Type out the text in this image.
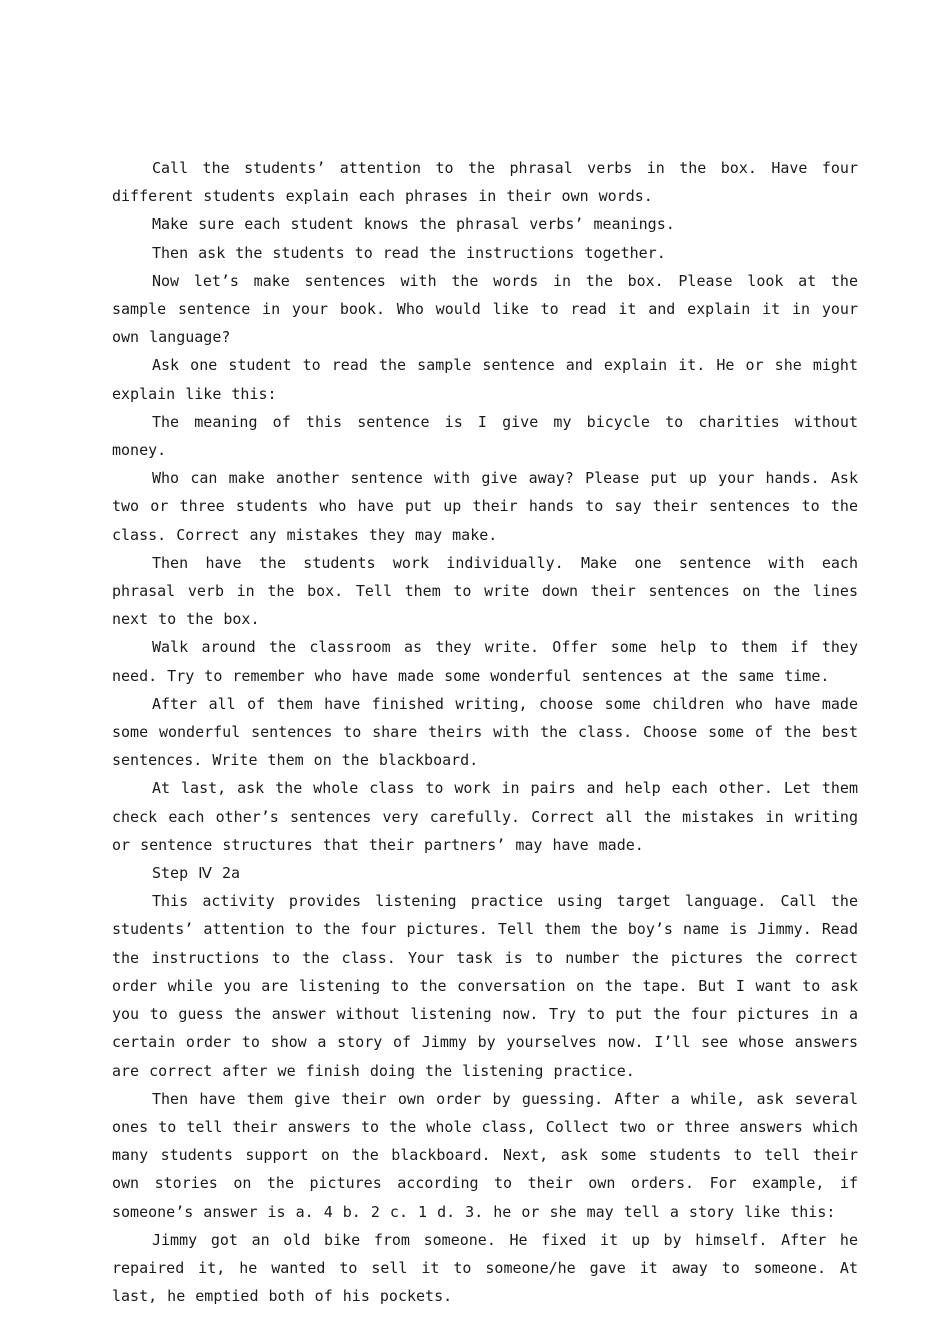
Call the students’ attention to the phrasal verbs in the box. Have four different students explain each phrases in their own words.

Make sure each student knows the phrasal verbs’ meanings.

Then ask the students to read the instructions together.

Now let’s make sentences with the words in the box. Please look at the sample sentence in your book. Who would like to read it and explain it in your own language?

Ask one student to read the sample sentence and explain it. He or she might explain like this:

The meaning of this sentence is I give my bicycle to charities without money.

Who can make another sentence with give away? Please put up your hands. Ask two or three students who have put up their hands to say their sentences to the class. Correct any mistakes they may make.

Then have the students work individually. Make one sentence with each phrasal verb in the box. Tell them to write down their sentences on the lines next to the box.

Walk around the classroom as they write. Offer some help to them if they need. Try to remember who have made some wonderful sentences at the same time.

After all of them have finished writing, choose some children who have made some wonderful sentences to share theirs with the class. Choose some of the best sentences. Write them on the blackboard.

At last, ask the whole class to work in pairs and help each other. Let them check each other’s sentences very carefully. Correct all the mistakes in writing or sentence structures that their partners’ may have made.

Step Ⅳ 2a

This activity provides listening practice using target language. Call the students’ attention to the four pictures. Tell them the boy’s name is Jimmy. Read the instructions to the class. Your task is to number the pictures the correct order while you are listening to the conversation on the tape. But I want to ask you to guess the answer without listening now. Try to put the four pictures in a certain order to show a story of Jimmy by yourselves now. I’ll see whose answers are correct after we finish doing the listening practice.

Then have them give their own order by guessing. After a while, ask several ones to tell their answers to the whole class, Collect two or three answers which many students support on the blackboard. Next, ask some students to tell their own stories on the pictures according to their own orders. For example, if someone’s answer is a. 4 b. 2 c. 1 d. 3. he or she may tell a story like this:

Jimmy got an old bike from someone. He fixed it up by himself. After he repaired it, he wanted to sell it to someone/he gave it away to someone. At last, he emptied both of his pockets.
